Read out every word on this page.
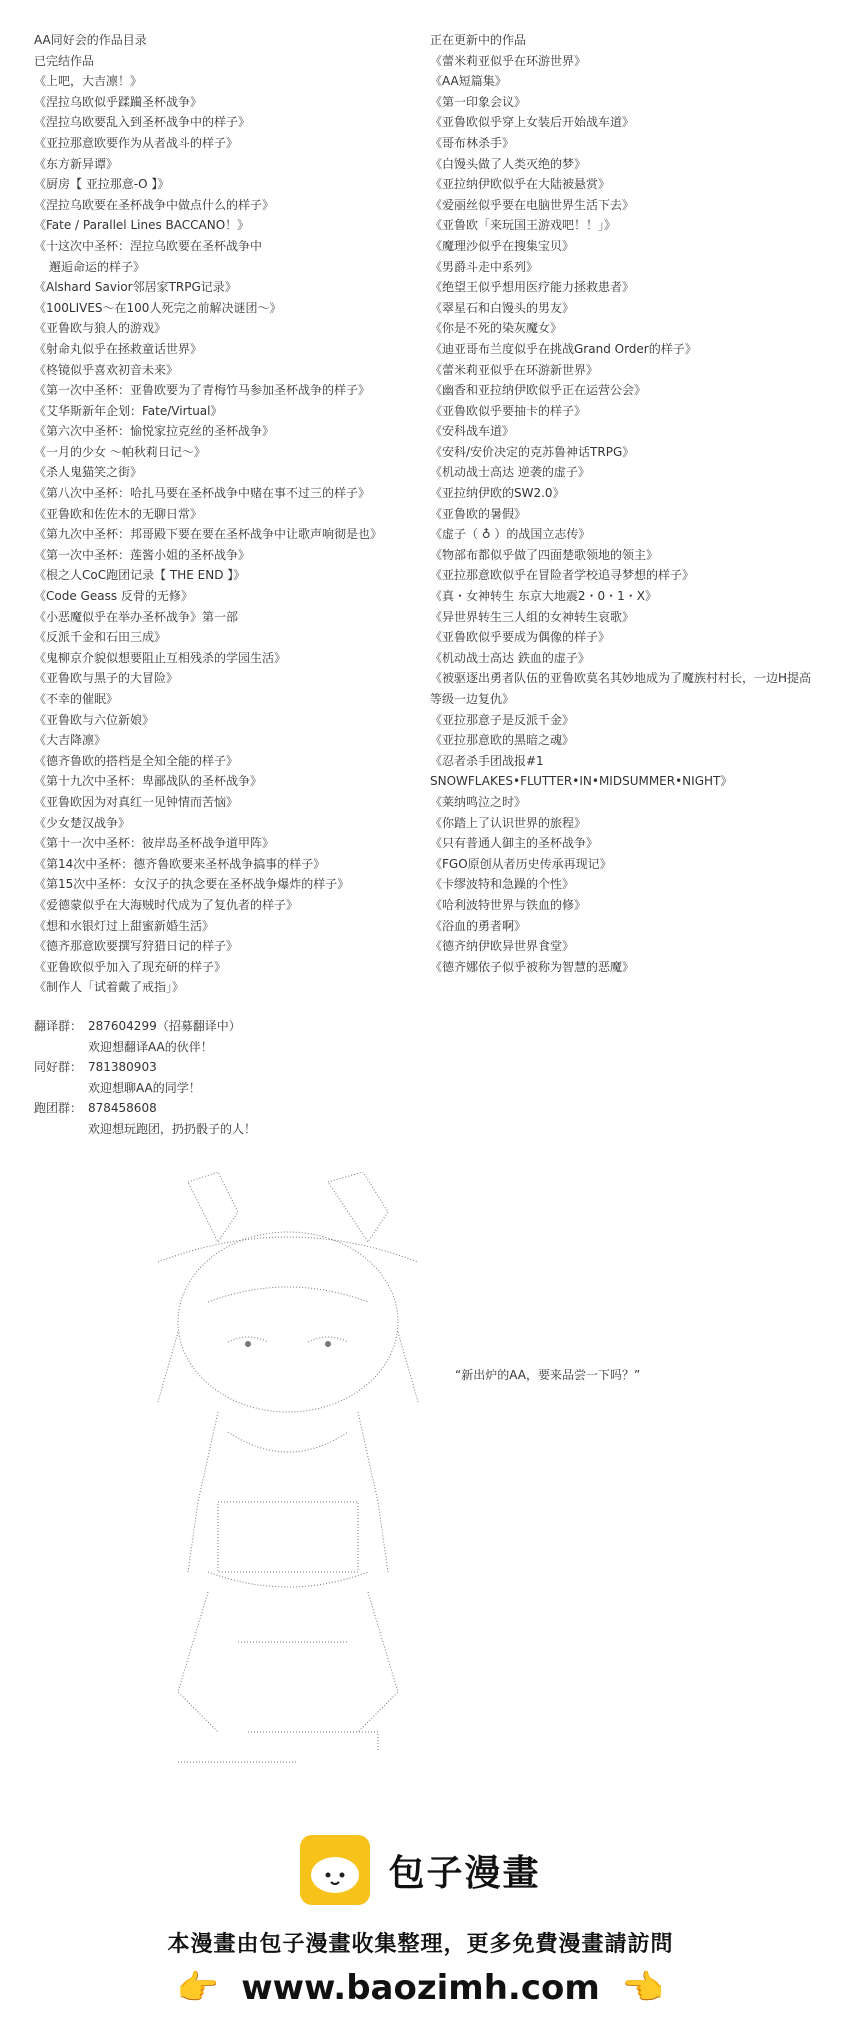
AA同好会的作品目录
已完结作品
《上吧，大吉凛！》
《涅拉乌欧似乎蹂躏圣杯战争》
《涅拉乌欧要乱入到圣杯战争中的样子》
《亚拉那意欧要作为从者战斗的样子》
《东方新异谭》
《厨房【 亚拉那意-O 】》
《涅拉乌欧要在圣杯战争中做点什么的样子》
《Fate / Parallel Lines BACCANO！》
《十这次中圣杯：涅拉乌欧要在圣杯战争中
邂逅命运的样子》
《Alshard Savior邻居家TRPG记录》
《100LIVES～在100人死完之前解决谜团～》
《亚鲁欧与狼人的游戏》
《射命丸似乎在拯救童话世界》
《柊镜似乎喜欢初音未来》
《第一次中圣杯：亚鲁欧要为了青梅竹马参加圣杯战争的样子》
《艾华斯新年企划：Fate/Virtual》
《第六次中圣杯：愉悦家拉克丝的圣杯战争》
《一月的少女 ～帕秋莉日记～》
《杀人鬼猫笑之街》
《第八次中圣杯：哈扎马要在圣杯战争中赌在事不过三的样子》
《亚鲁欧和佐佐木的无聊日常》
《第九次中圣杯：邦哥殿下要在要在圣杯战争中让歌声响彻是也》
《第一次中圣杯：莲酱小姐的圣杯战争》
《根之人CoC跑团记录【 THE END 】》
《Code Geass 反骨的无修》
《小恶魔似乎在举办圣杯战争》第一部
《反派千金和石田三成》
《鬼柳京介貌似想要阻止互相残杀的学园生活》
《亚鲁欧与黑子的大冒险》
《不幸的催眠》
《亚鲁欧与六位新娘》
《大吉降凛》
《德齐鲁欧的搭档是全知全能的样子》
《第十九次中圣杯：卑鄙战队的圣杯战争》
《亚鲁欧因为对真红一见钟情而苦恼》
《少女楚汉战争》
《第十一次中圣杯：彼岸岛圣杯战争道甲阵》
《第14次中圣杯：德齐鲁欧要来圣杯战争搞事的样子》
《第15次中圣杯：女汉子的执念要在圣杯战争爆炸的样子》
《爱德蒙似乎在大海贼时代成为了复仇者的样子》
《想和水银灯过上甜蜜新婚生活》
《德齐那意欧要撰写狩猎日记的样子》
《亚鲁欧似乎加入了现充研的样子》
《制作人「试着戴了戒指」》
正在更新中的作品
《蕾米莉亚似乎在环游世界》
《AA短篇集》
《第一印象会议》
《亚鲁欧似乎穿上女装后开始战车道》
《哥布林杀手》
《白馒头做了人类灭绝的梦》
《亚拉纳伊欧似乎在大陆被悬赏》
《爱丽丝似乎要在电脑世界生活下去》
《亚鲁欧「来玩国王游戏吧！！」》
《魔理沙似乎在搜集宝贝》
《男爵斗走中系列》
《绝望王似乎想用医疗能力拯救患者》
《翠星石和白馒头的男友》
《你是不死的染灰魔女》
《迪亚哥布兰度似乎在挑战Grand Order的样子》
《蕾米莉亚似乎在环游新世界》
《幽香和亚拉纳伊欧似乎正在运营公会》
《亚鲁欧似乎要抽卡的样子》
《安科战车道》
《安科/安价决定的克苏鲁神话TRPG》
《机动战士高达 逆袭的虚子》
《亚拉纳伊欧的SW2.0》
《亚鲁欧的暑假》
《虚子（ ♁ ）的战国立志传》
《物部布都似乎做了四面楚歌领地的领主》
《亚拉那意欧似乎在冒险者学校追寻梦想的样子》
《真・女神转生 东京大地震2・0・1・X》
《异世界转生三人组的女神转生哀歌》
《亚鲁欧似乎要成为偶像的样子》
《机动战士高达 鉄血的虚子》
《被驱逐出勇者队伍的亚鲁欧莫名其妙地成为了魔族村村长，一边H提高等级一边复仇》
《亚拉那意子是反派千金》
《亚拉那意欧的黑暗之魂》
《忍者杀手团战报#1 SNOWFLAKES•FLUTTER•IN•MIDSUMMER•NIGHT》
《莱纳鸣泣之时》
《你踏上了认识世界的旅程》
《只有普通人御主的圣杯战争》
《FGO原创从者历史传承再现记》
《卡缪波特和急躁的个性》
《哈利波特世界与铁血的修》
《浴血的勇者啊》
《德齐纳伊欧异世界食堂》
《德齐娜依子似乎被称为智慧的恶魔》
翻译群： 287604299（招募翻译中）
欢迎想翻译AA的伙伴！
同好群： 781380903
欢迎想聊AA的同学！
跑团群： 878458608
欢迎想玩跑团，扔扔骰子的人！
“新出炉的AA，要来品尝一下吗？”
包子漫畫
本漫畫由包子漫畫收集整理，更多免費漫畫請訪問
👉 www.baozimh.com 👈
